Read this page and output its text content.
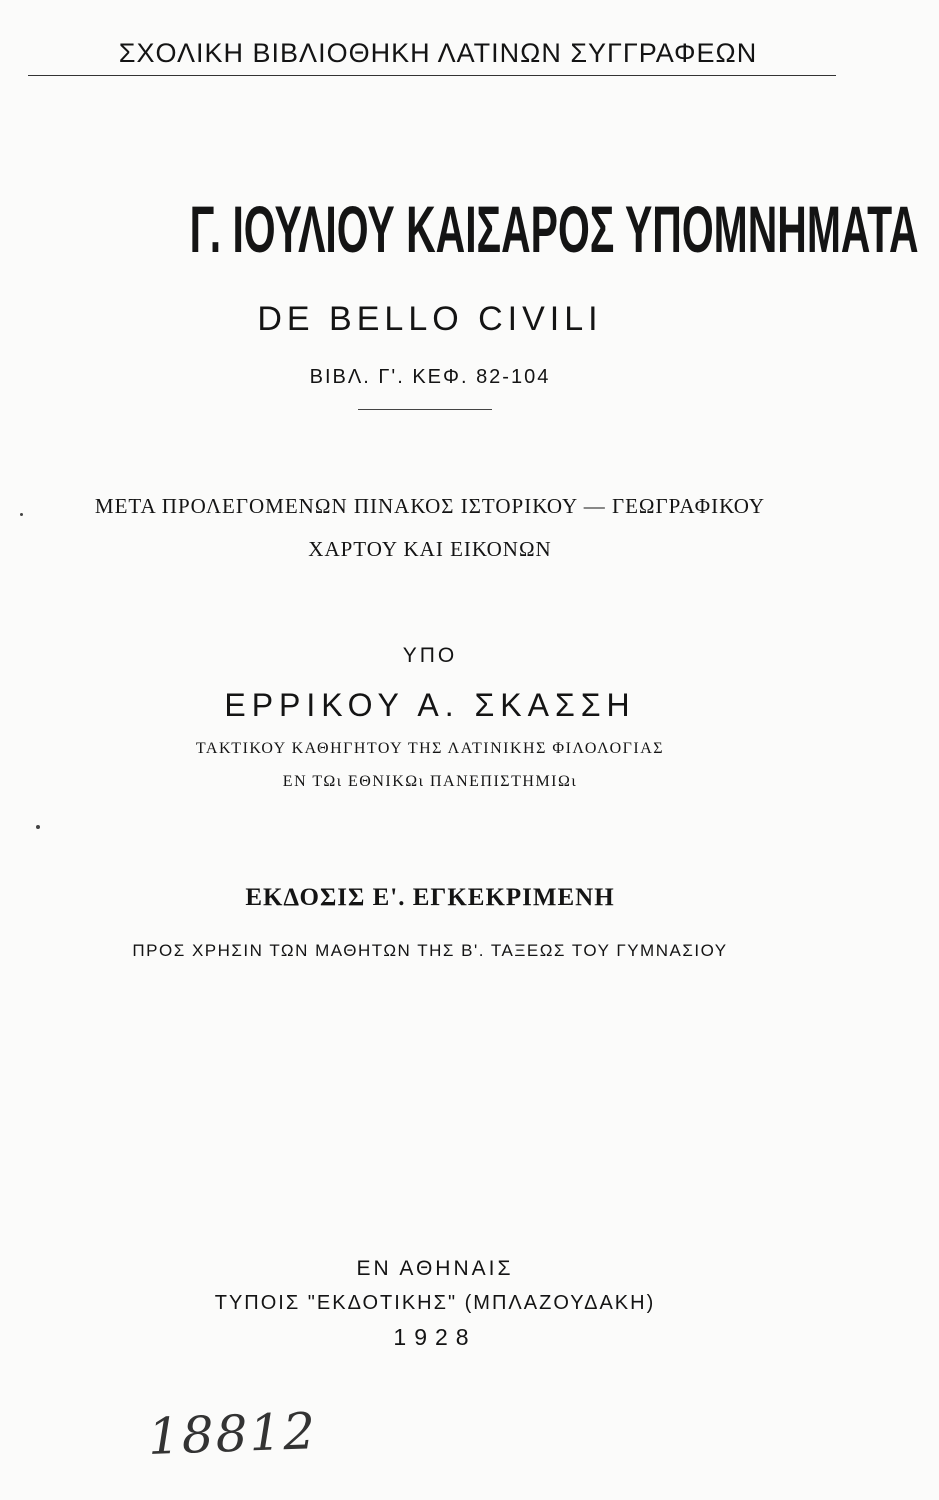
ΣΧΟΛΙΚΗ ΒΙΒΛΙΟΘΗΚΗ ΛΑΤΙΝΩΝ ΣΥΓΓΡΑΦΕΩΝ
Γ. ΙΟΥΛΙΟΥ ΚΑΙΣΑΡΟΣ ΥΠΟΜΝΗΜΑΤΑ
DE BELLO CIVILI
ΒΙΒΛ. Γ'. ΚΕΦ. 82-104
ΜΕΤΑ ΠΡΟΛΕΓΟΜΕΝΩΝ ΠΙΝΑΚΟΣ ΙΣΤΟΡΙΚΟΥ — ΓΕΩΓΡΑΦΙΚΟΥ
ΧΑΡΤΟΥ ΚΑΙ ΕΙΚΟΝΩΝ
ΥΠΟ
ΕΡΡΙΚΟΥ Α. ΣΚΑΣΣΗ
ΤΑΚΤΙΚΟΥ ΚΑΘΗΓΗΤΟΥ ΤΗΣ ΛΑΤΙΝΙΚΗΣ ΦΙΛΟΛΟΓΙΑΣ
ΕΝ ΤΩι ΕΘΝΙΚΩι ΠΑΝΕΠΙΣΤΗΜΙΩι
ΕΚΔΟΣΙΣ Ε'. ΕΓΚΕΚΡΙΜΕΝΗ
ΠΡΟΣ ΧΡΗΣΙΝ ΤΩΝ ΜΑΘΗΤΩΝ ΤΗΣ Β'. ΤΑΞΕΩΣ ΤΟΥ ΓΥΜΝΑΣΙΟΥ
ΕΝ ΑΘΗΝΑΙΣ
ΤΥΠΟΙΣ "ΕΚΔΟΤΙΚΗΣ" (ΜΠΛΑΖΟΥΔΑΚΗ)
1928
18812
